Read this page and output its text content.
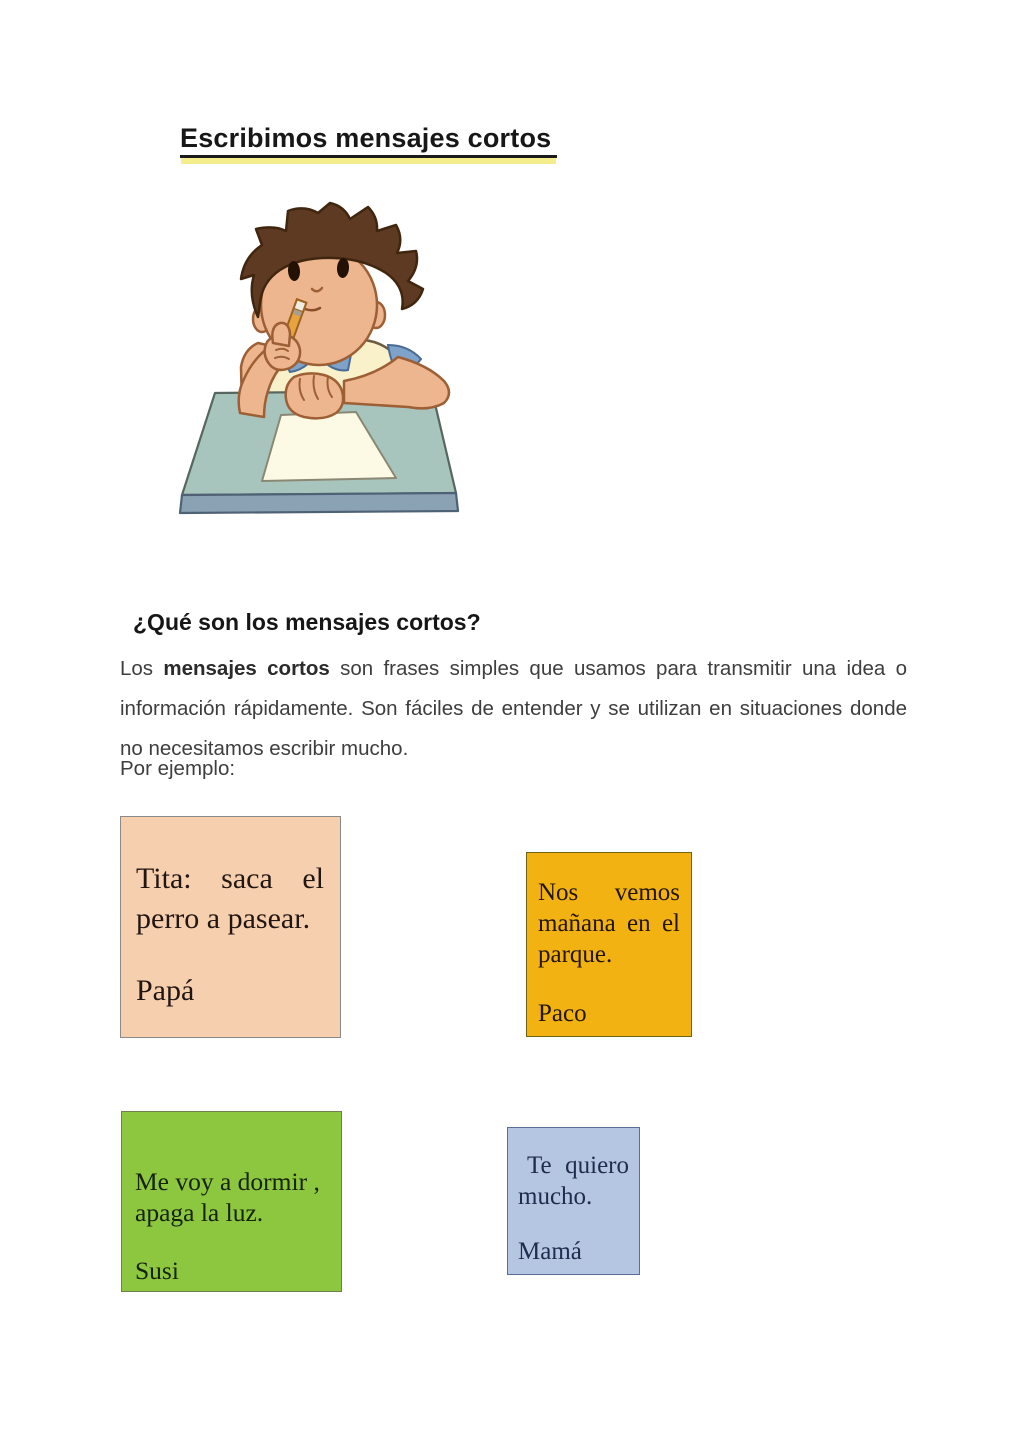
Escribimos mensajes cortos
¿Qué son los mensajes cortos?
Los mensajes cortos son frases simples que usamos para transmitir una idea o información rápidamente. Son fáciles de entender y se utilizan en situaciones donde no necesitamos escribir mucho.
Por ejemplo:
Tita: saca el perro a pasear.
Papá
Nos vemos mañana en el parque.
Paco
Me voy a dormir , apaga la luz.
Susi
Te quiero mucho.
Mamá
